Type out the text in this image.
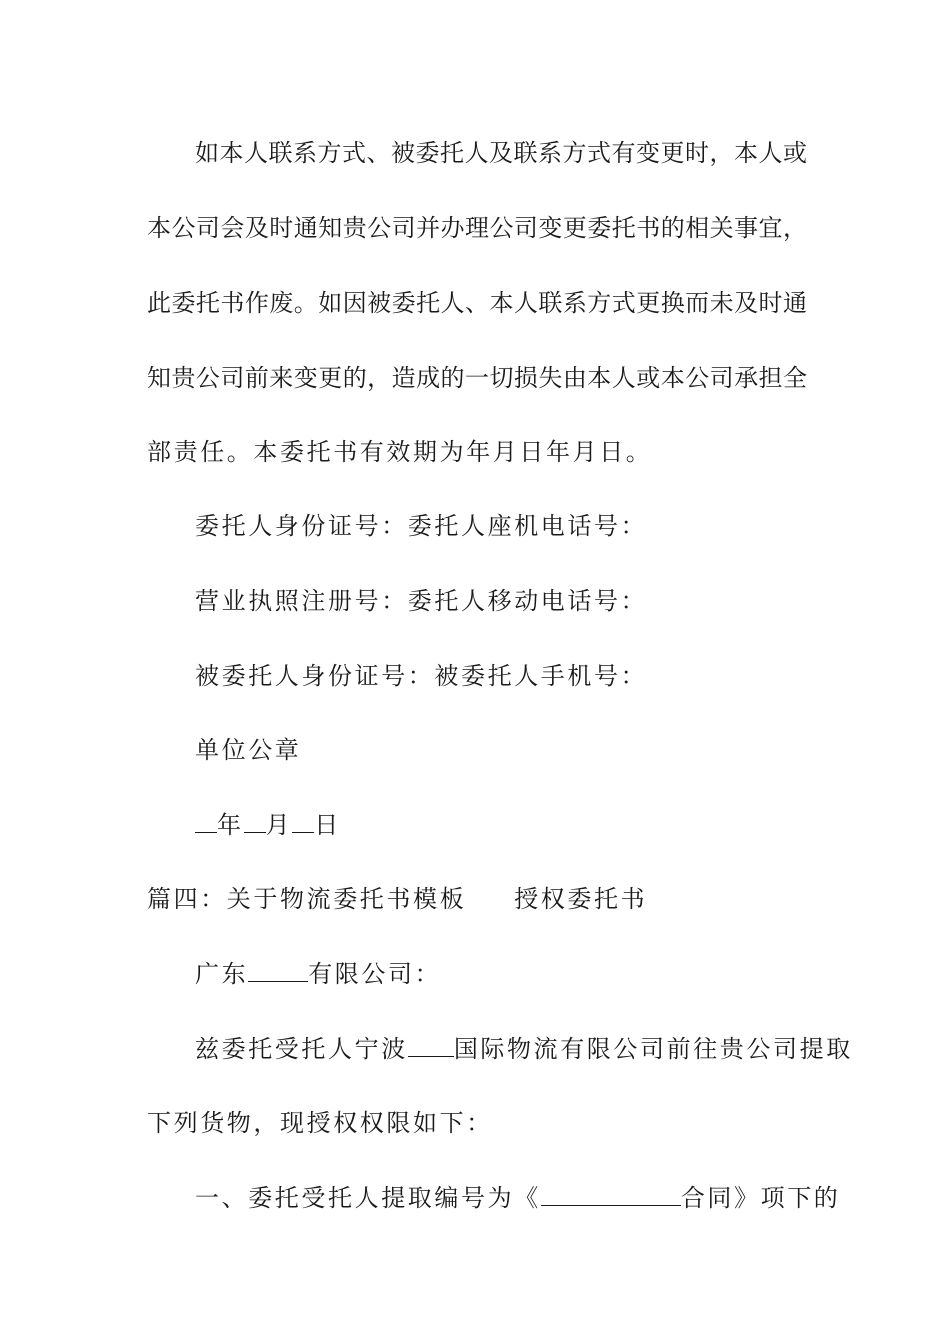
如本人联系方式、被委托人及联系方式有变更时，本人或
本公司会及时通知贵公司并办理公司变更委托书的相关事宜，
此委托书作废。如因被委托人、本人联系方式更换而未及时通
知贵公司前来变更的，造成的一切损失由本人或本公司承担全
部责任。本委托书有效期为年月日年月日。
委托人身份证号：委托人座机电话号：
营业执照注册号：委托人移动电话号：
被委托人身份证号：被委托人手机号：
单位公章
年 月 日
篇四：关于物流委托书模板 授权委托书
广东	有限公司：
兹委托受托人宁波 国际物流有限公司前往贵公司提取
下列货物，现授权权限如下：
一、委托受托人提取编号为《	合同》项下的
